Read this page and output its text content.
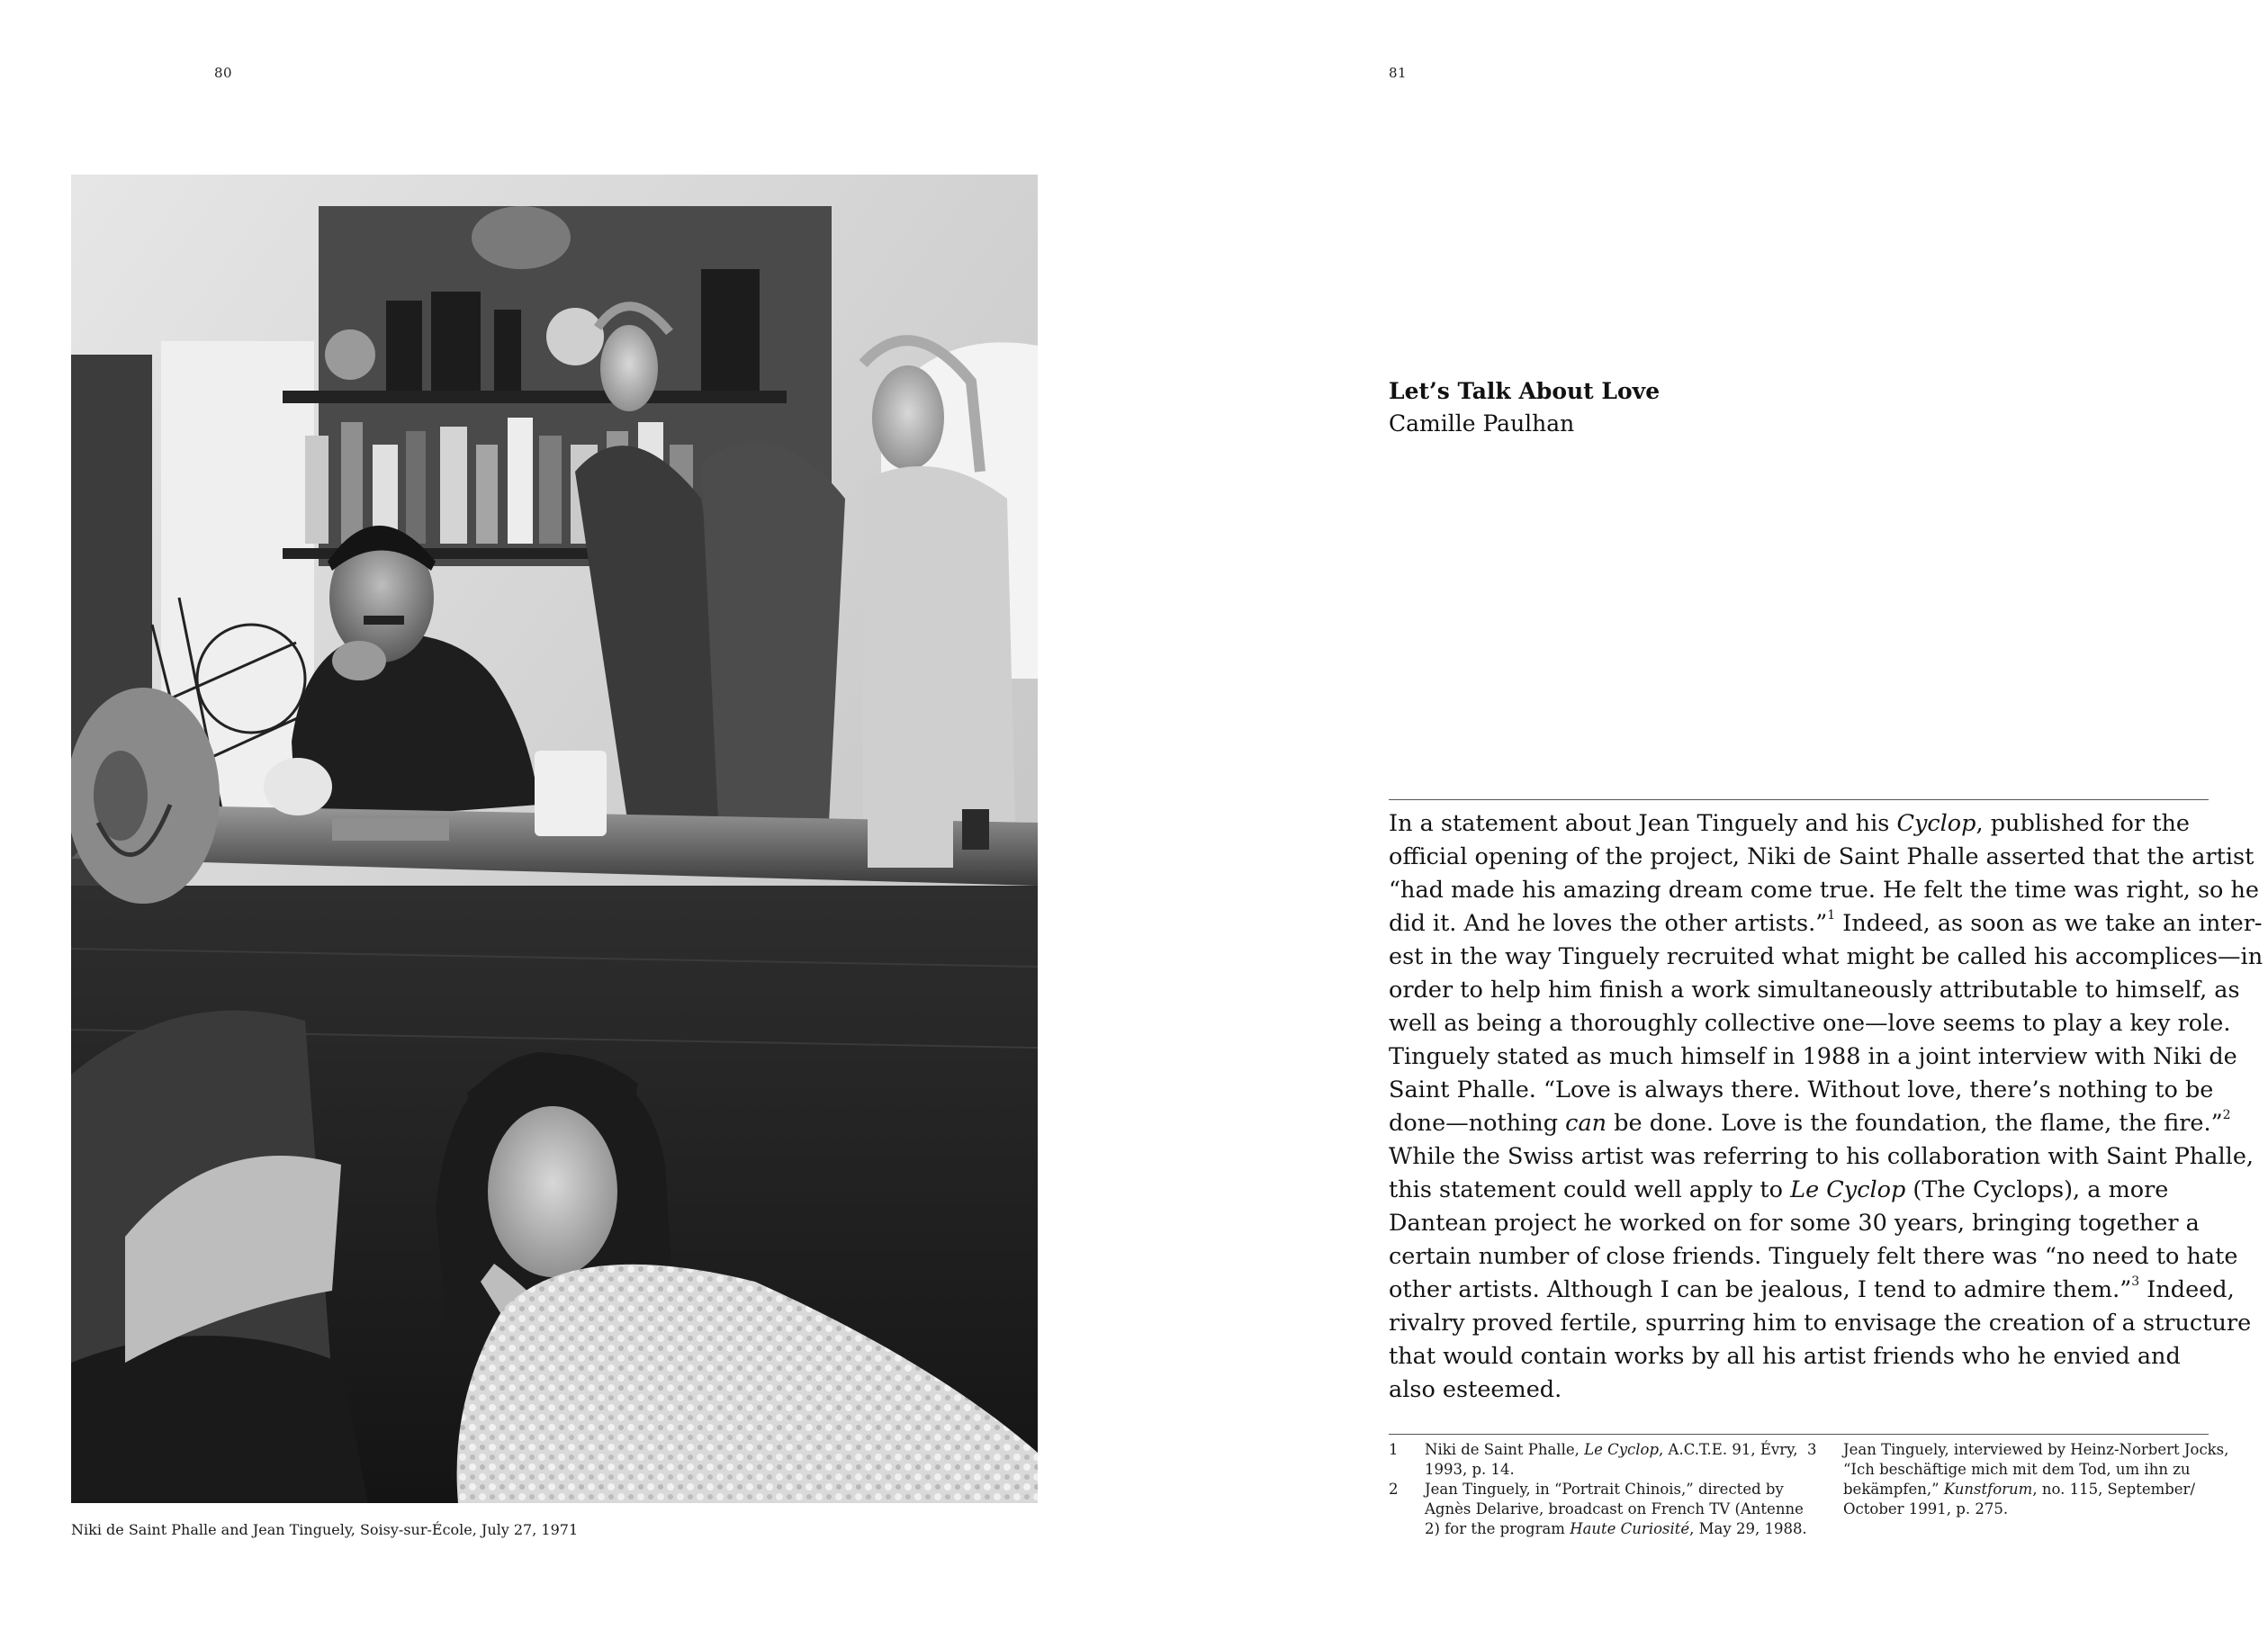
80
Niki de Saint Phalle and Jean Tinguely, Soisy-sur-École, July 27, 1971
81
Let’s Talk About Love
Camille Paulhan
In a statement about Jean Tinguely and his Cyclop, published for the
official opening of the project, Niki de Saint Phalle asserted that the artist
“had made his amazing dream come true. He felt the time was right, so he
did it. And he loves the other artists.”$^1$ Indeed, as soon as we take an inter-
est in the way Tinguely recruited what might be called his accomplices—in
order to help him finish a work simultaneously attributable to himself, as
well as being a thoroughly collective one—love seems to play a key role.
Tinguely stated as much himself in 1988 in a joint interview with Niki de
Saint Phalle. “Love is always there. Without love, there’s nothing to be
done—nothing can be done. Love is the foundation, the flame, the fire.”$^2$
While the Swiss artist was referring to his collaboration with Saint Phalle,
this statement could well apply to Le Cyclop (The Cyclops), a more
Dantean project he worked on for some 30 years, bringing together a
certain number of close friends. Tinguely felt there was “no need to hate
other artists. Although I can be jealous, I tend to admire them.”$^3$ Indeed,
rivalry proved fertile, spurring him to envisage the creation of a structure
that would contain works by all his artist friends who he envied and
also esteemed.
1 Niki de Saint Phalle, Le Cyclop, A.C.T.E. 91, Évry,
1993, p. 14.
2 Jean Tinguely, in “Portrait Chinois,” directed by
Agnès Delarive, broadcast on French TV (Antenne
2) for the program Haute Curiosité, May 29, 1988.
3 Jean Tinguely, interviewed by Heinz-Norbert Jocks,
“Ich beschäftige mich mit dem Tod, um ihn zu
bekämpfen,” Kunstforum, no. 115, September/
October 1991, p. 275.
